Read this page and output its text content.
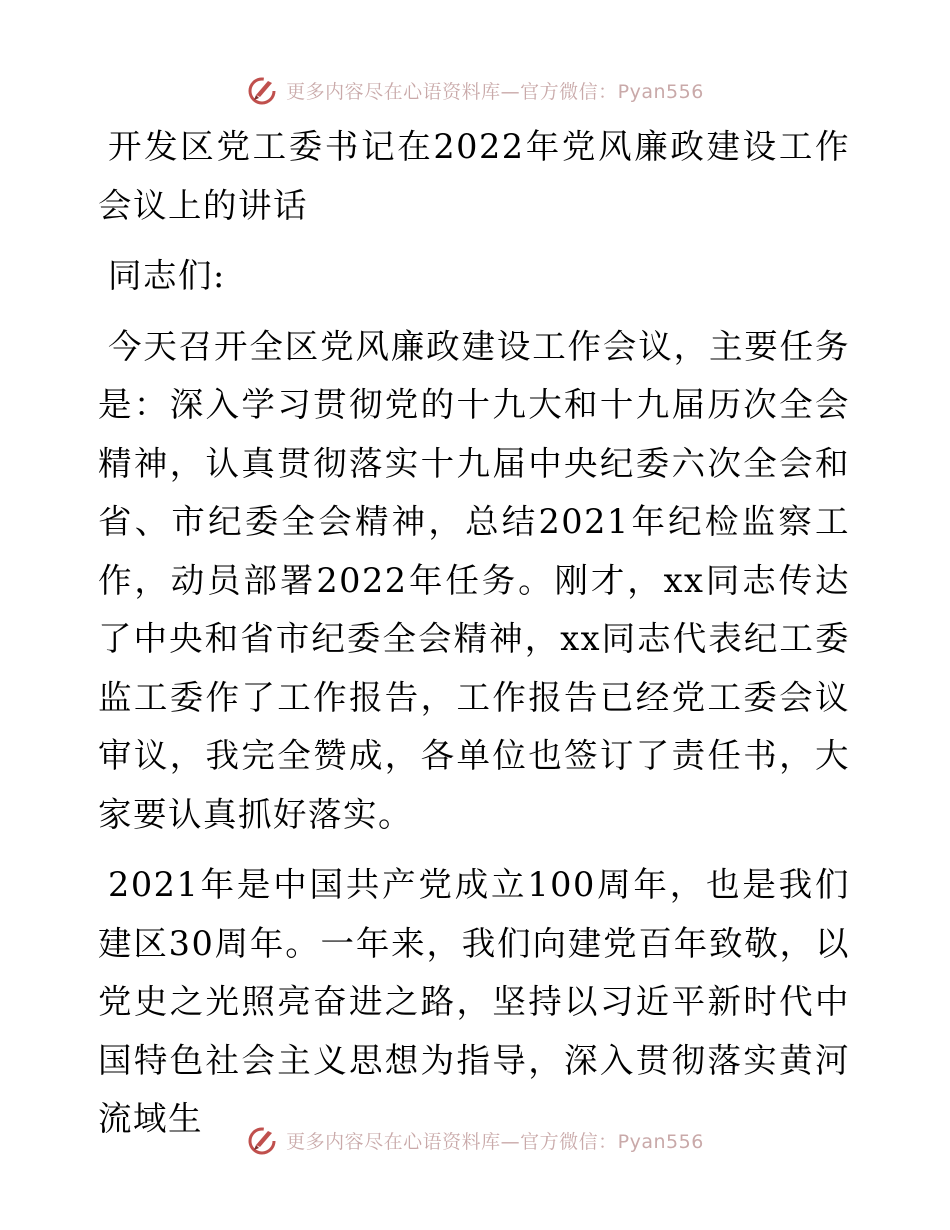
更多内容尽在心语资料库—官方微信：Pyan556

开发区党工委书记在2022年党风廉政建设工作会议上的讲话

同志们:

今天召开全区党风廉政建设工作会议，主要任务是：深入学习贯彻党的十九大和十九届历次全会精神，认真贯彻落实十九届中央纪委六次全会和省、市纪委全会精神，总结2021年纪检监察工作，动员部署2022年任务。刚才，xx同志传达了中央和省市纪委全会精神，xx同志代表纪工委监工委作了工作报告，工作报告已经党工委会议审议，我完全赞成，各单位也签订了责任书，大家要认真抓好落实。

2021年是中国共产党成立100周年，也是我们建区30周年。一年来，我们向建党百年致敬，以党史之光照亮奋进之路，坚持以习近平新时代中国特色社会主义思想为指导，深入贯彻落实黄河流域生

更多内容尽在心语资料库—官方微信：Pyan556
